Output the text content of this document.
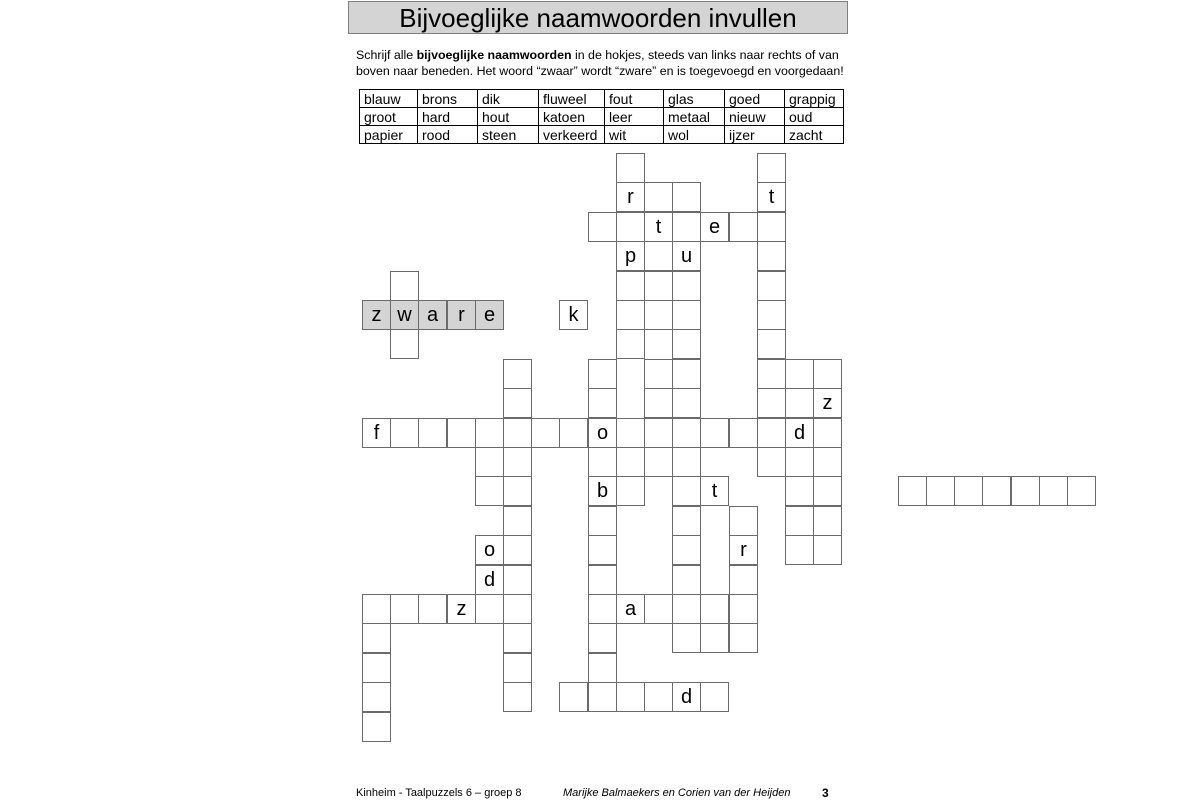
Bijvoeglijke naamwoorden invullen
Schrijf alle bijvoeglijke naamwoorden in de hokjes, steeds van links naar rechts of van boven naar beneden. Het woord “zwaar” wordt “zware” en is toegevoegd en voorgedaan!
blauw	brons	dik	fluweel	fout	glas	goed	grappig
groot	hard	hout	katoen	leer	metaal	nieuw	oud
papier	rood	steen	verkeerd	wit	wol	ijzer	zacht
t	e
f	o	d
b	t
z	a
d
w
u
z
r
p
t
r
z	a	r e	k
o
d
Kinheim - Taalpuzzels 6 – groep 8	Marijke Balmaekers en Corien van der Heijden	3
